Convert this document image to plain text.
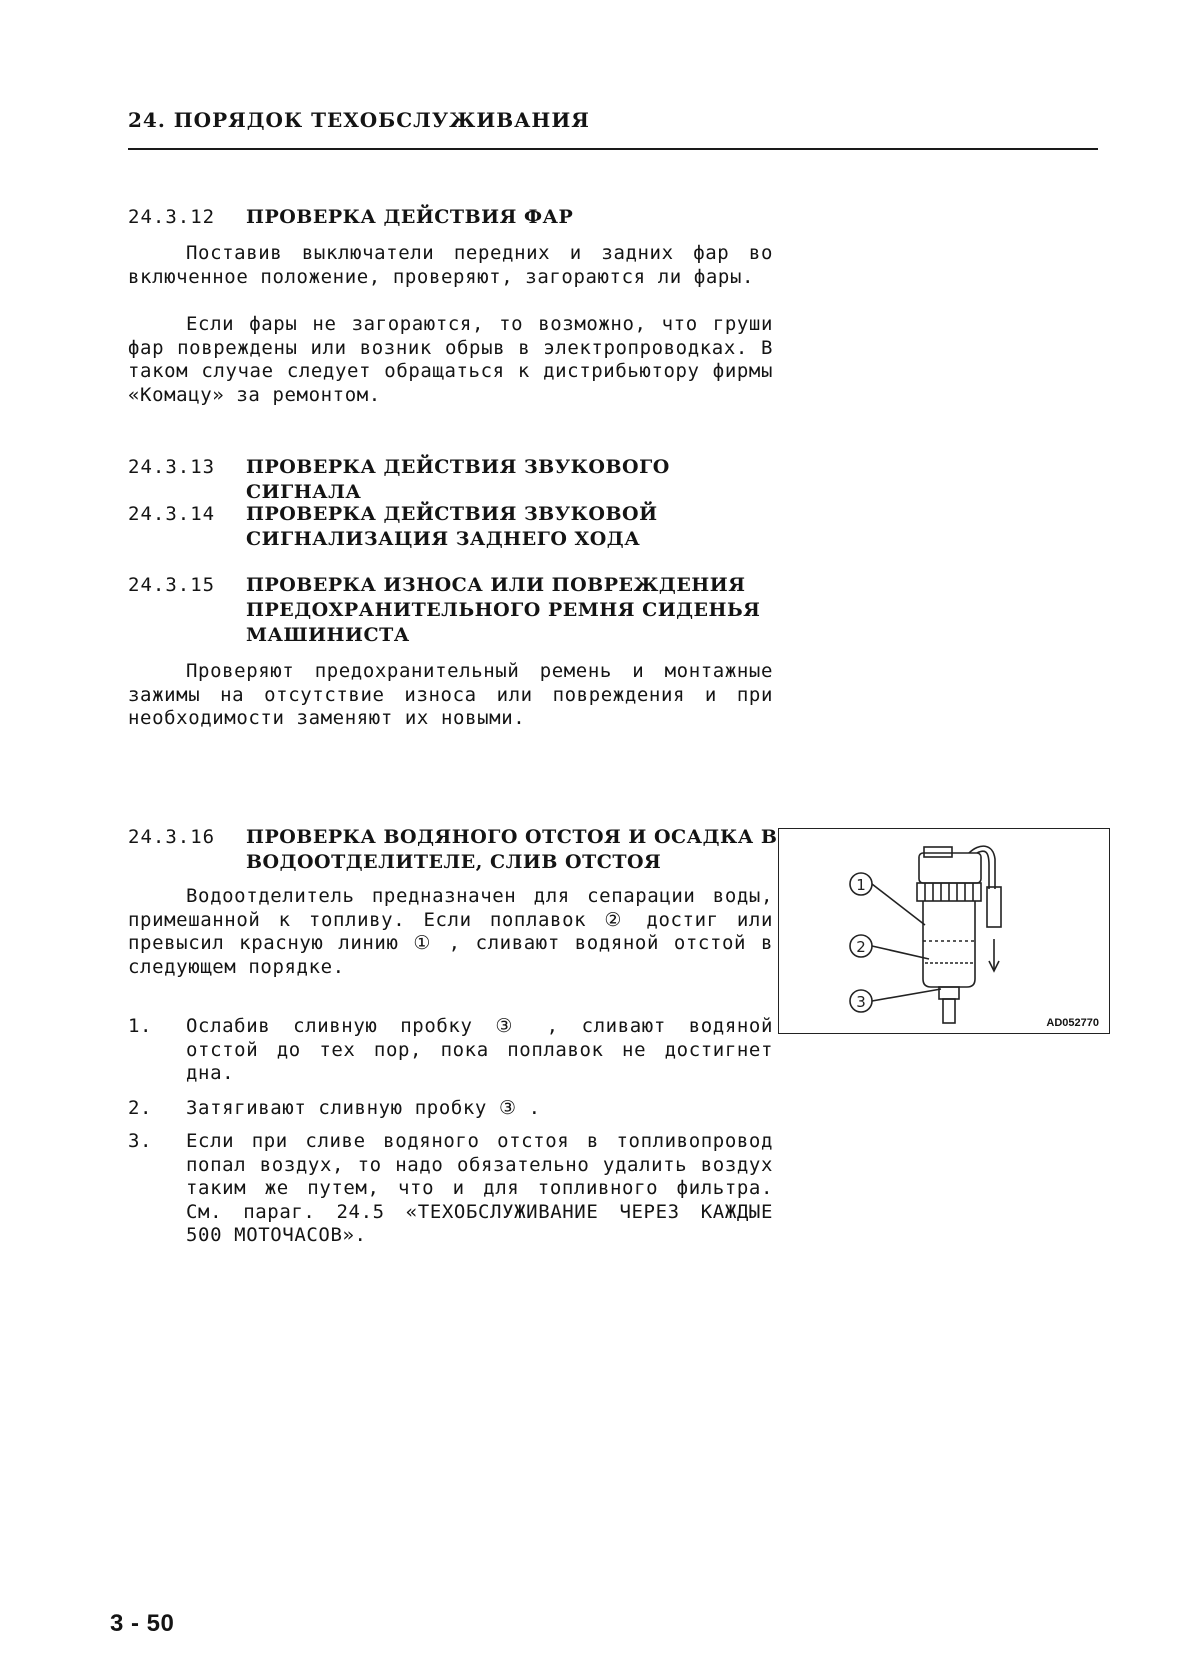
24. ПОРЯДОК ТЕХОБСЛУЖИВАНИЯ
24.3.12 ПРОВЕРКА ДЕЙСТВИЯ ФАР
Поставив выключатели передних и задних фар во включенное положение, проверяют, загораются ли фары.
Если фары не загораются, то возможно, что груши фар повреждены или возник обрыв в электропроводках. В таком случае следует обращаться к дистрибьютору фирмы «Комацу» за ремонтом.
24.3.13 ПРОВЕРКА ДЕЙСТВИЯ ЗВУКОВОГО СИГНАЛА
24.3.14 ПРОВЕРКА ДЕЙСТВИЯ ЗВУКОВОЙ СИГНАЛИЗАЦИЯ ЗАДНЕГО ХОДА
24.3.15 ПРОВЕРКА ИЗНОСА ИЛИ ПОВРЕЖДЕНИЯ ПРЕДОХРАНИТЕЛЬНОГО РЕМНЯ СИДЕНЬЯ МАШИНИСТА
Проверяют предохранительный ремень и монтажные зажимы на отсутствие износа или повреждения и при необходимости заменяют их новыми.
24.3.16 ПРОВЕРКА ВОДЯНОГО ОТСТОЯ И ОСАДКА В ВОДООТДЕЛИТЕЛЕ, СЛИВ ОТСТОЯ
Водоотделитель предназначен для сепарации воды, примешанной к топливу. Если поплавок ② достиг или превысил красную линию ① , сливают водяной отстой в следующем порядке.
1.	Ослабив сливную пробку ③ , сливают водяной отстой до тех пор, пока поплавок не достигнет дна.
2.	Затягивают сливную пробку ③ .
3.	Если при сливе водяного отстоя в топливопровод попал воздух, то надо обязательно удалить воздух таким же путем, что и для топливного фильтра. См. параг. 24.5 «ТЕХОБСЛУЖИВАНИЕ ЧЕРЕЗ КАЖДЫЕ 500 МОТОЧАСОВ».
1
2
3
AD052770
3 - 50
